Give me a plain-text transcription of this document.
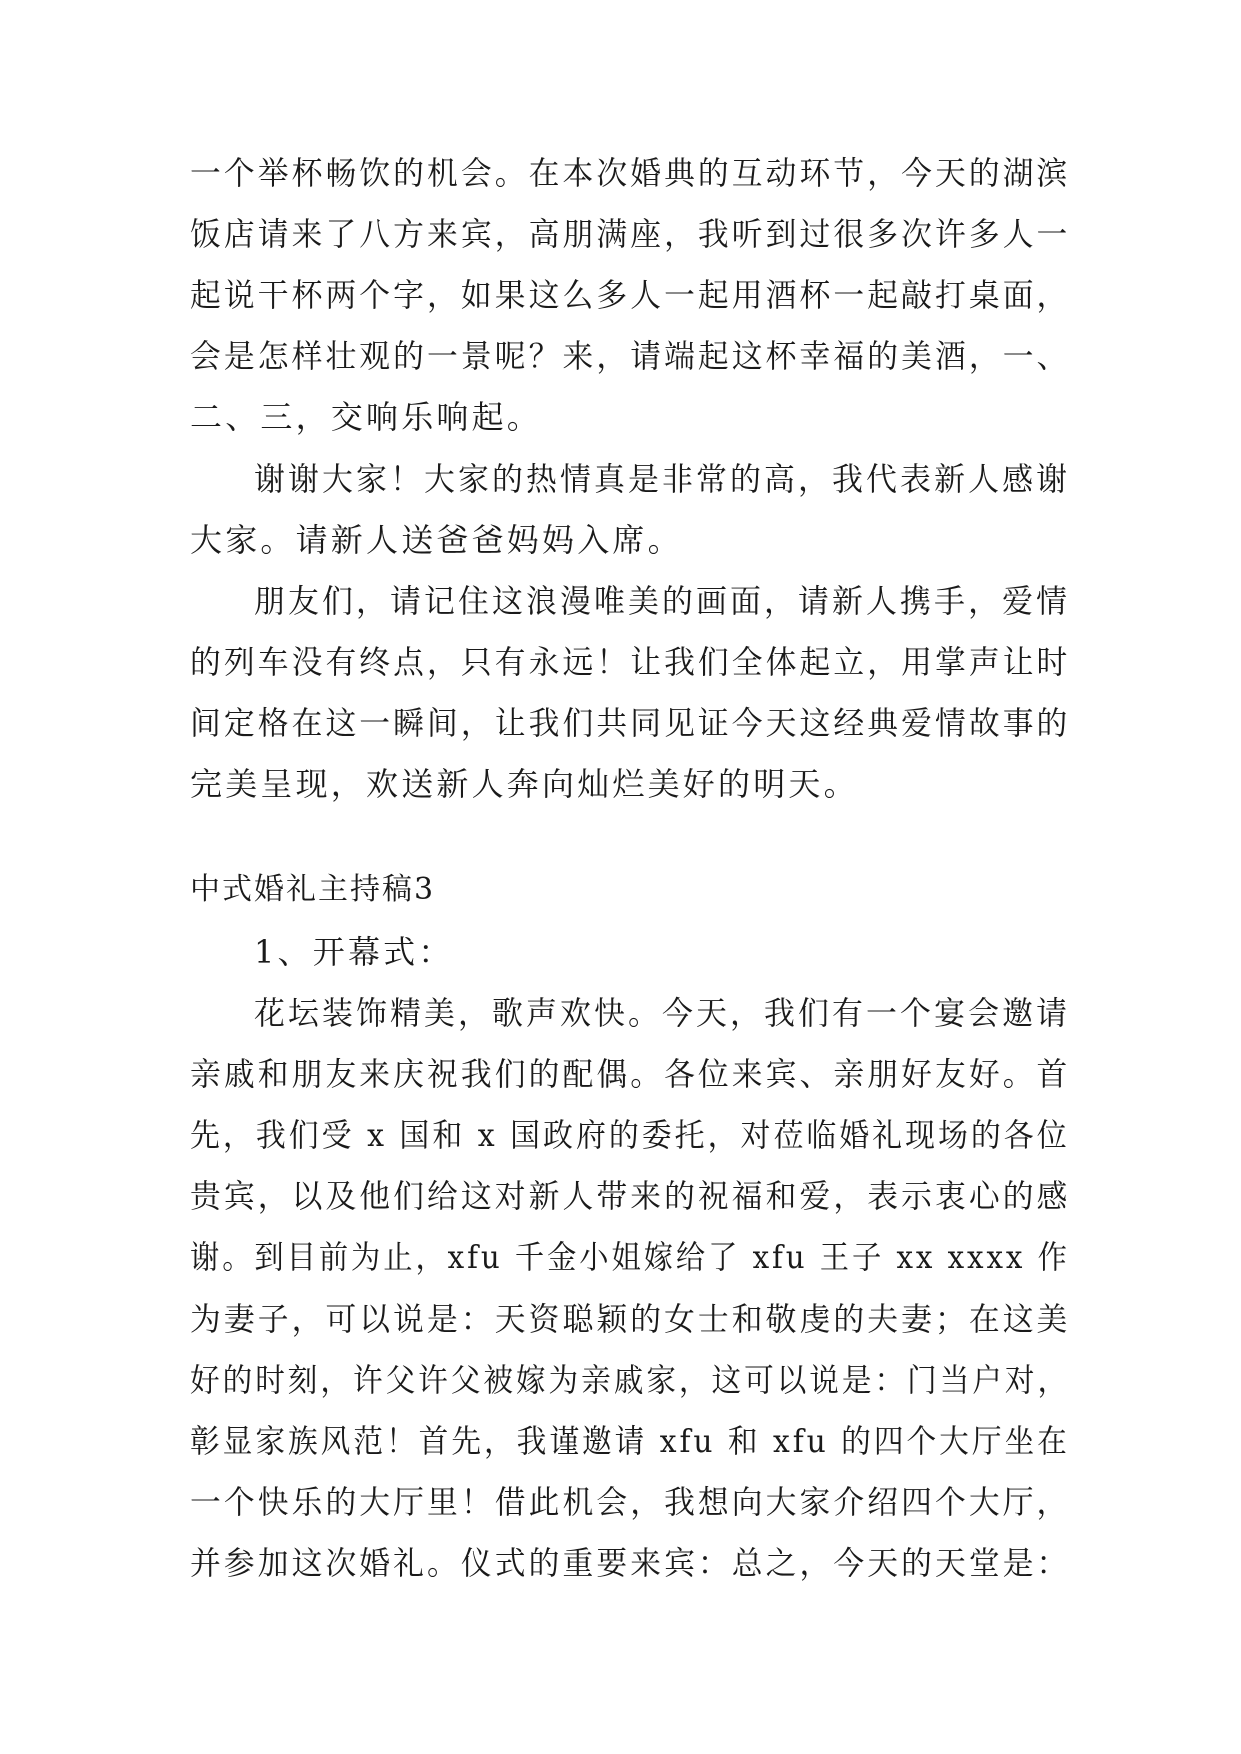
一个举杯畅饮的机会。在本次婚典的互动环节，今天的湖滨
饭店请来了八方来宾，高朋满座，我听到过很多次许多人一
起说干杯两个字，如果这么多人一起用酒杯一起敲打桌面，
会是怎样壮观的一景呢？来，请端起这杯幸福的美酒，一、
二、三，交响乐响起。
谢谢大家！大家的热情真是非常的高，我代表新人感谢
大家。请新人送爸爸妈妈入席。
朋友们，请记住这浪漫唯美的画面，请新人携手，爱情
的列车没有终点，只有永远！让我们全体起立，用掌声让时
间定格在这一瞬间，让我们共同见证今天这经典爱情故事的
完美呈现，欢送新人奔向灿烂美好的明天。
中式婚礼主持稿3
1、开幕式：
花坛装饰精美，歌声欢快。今天，我们有一个宴会邀请
亲戚和朋友来庆祝我们的配偶。各位来宾、亲朋好友好。首
先，我们受 x 国和 x 国政府的委托，对莅临婚礼现场的各位
贵宾，以及他们给这对新人带来的祝福和爱，表示衷心的感
谢。到目前为止，xfu 千金小姐嫁给了 xfu 王子 xx xxxx 作
为妻子，可以说是：天资聪颖的女士和敬虔的夫妻；在这美
好的时刻，许父许父被嫁为亲戚家，这可以说是：门当户对，
彰显家族风范！首先，我谨邀请 xfu 和 xfu 的四个大厅坐在
一个快乐的大厅里！借此机会，我想向大家介绍四个大厅，
并参加这次婚礼。仪式的重要来宾：总之，今天的天堂是：
